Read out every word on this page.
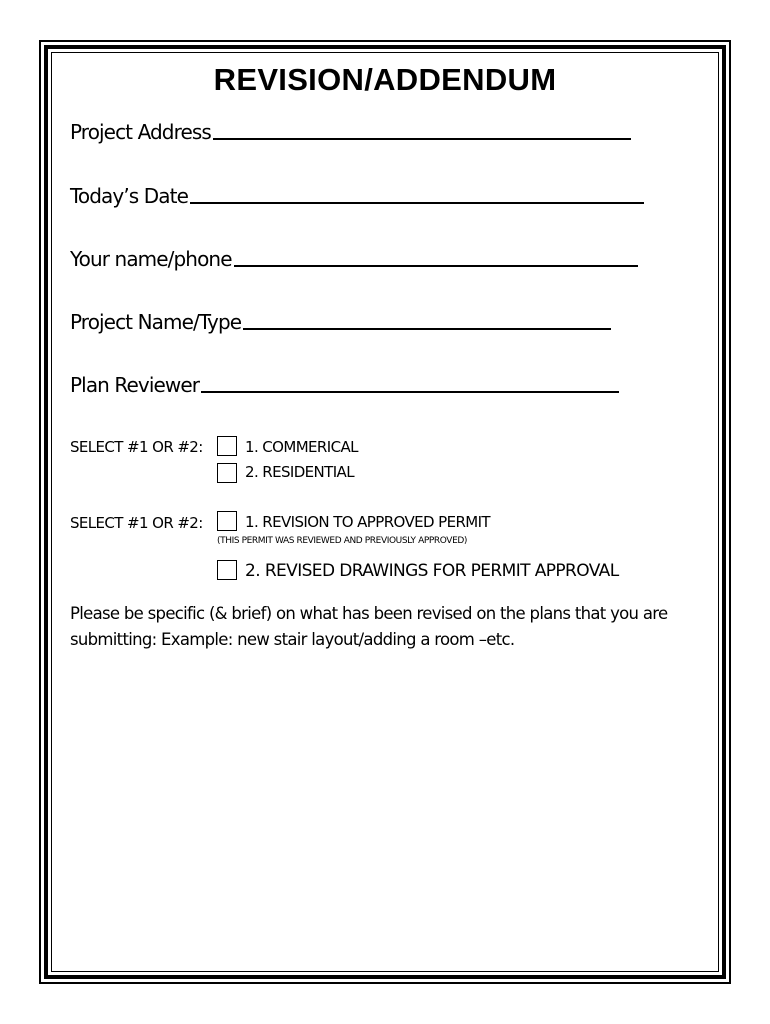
REVISION/ADDENDUM
Project Address
Today’s Date
Your name/phone
Project Name/Type
Plan Reviewer
SELECT #1 OR #2:	1. COMMERICAL
2. RESIDENTIAL
SELECT #1 OR #2:	1. REVISION TO APPROVED PERMIT
(THIS PERMIT WAS REVIEWED AND PREVIOUSLY APPROVED)
2. REVISED DRAWINGS FOR PERMIT APPROVAL
Please be specific (& brief) on what has been revised on the plans that you are submitting: Example: new stair layout/adding a room –etc.
